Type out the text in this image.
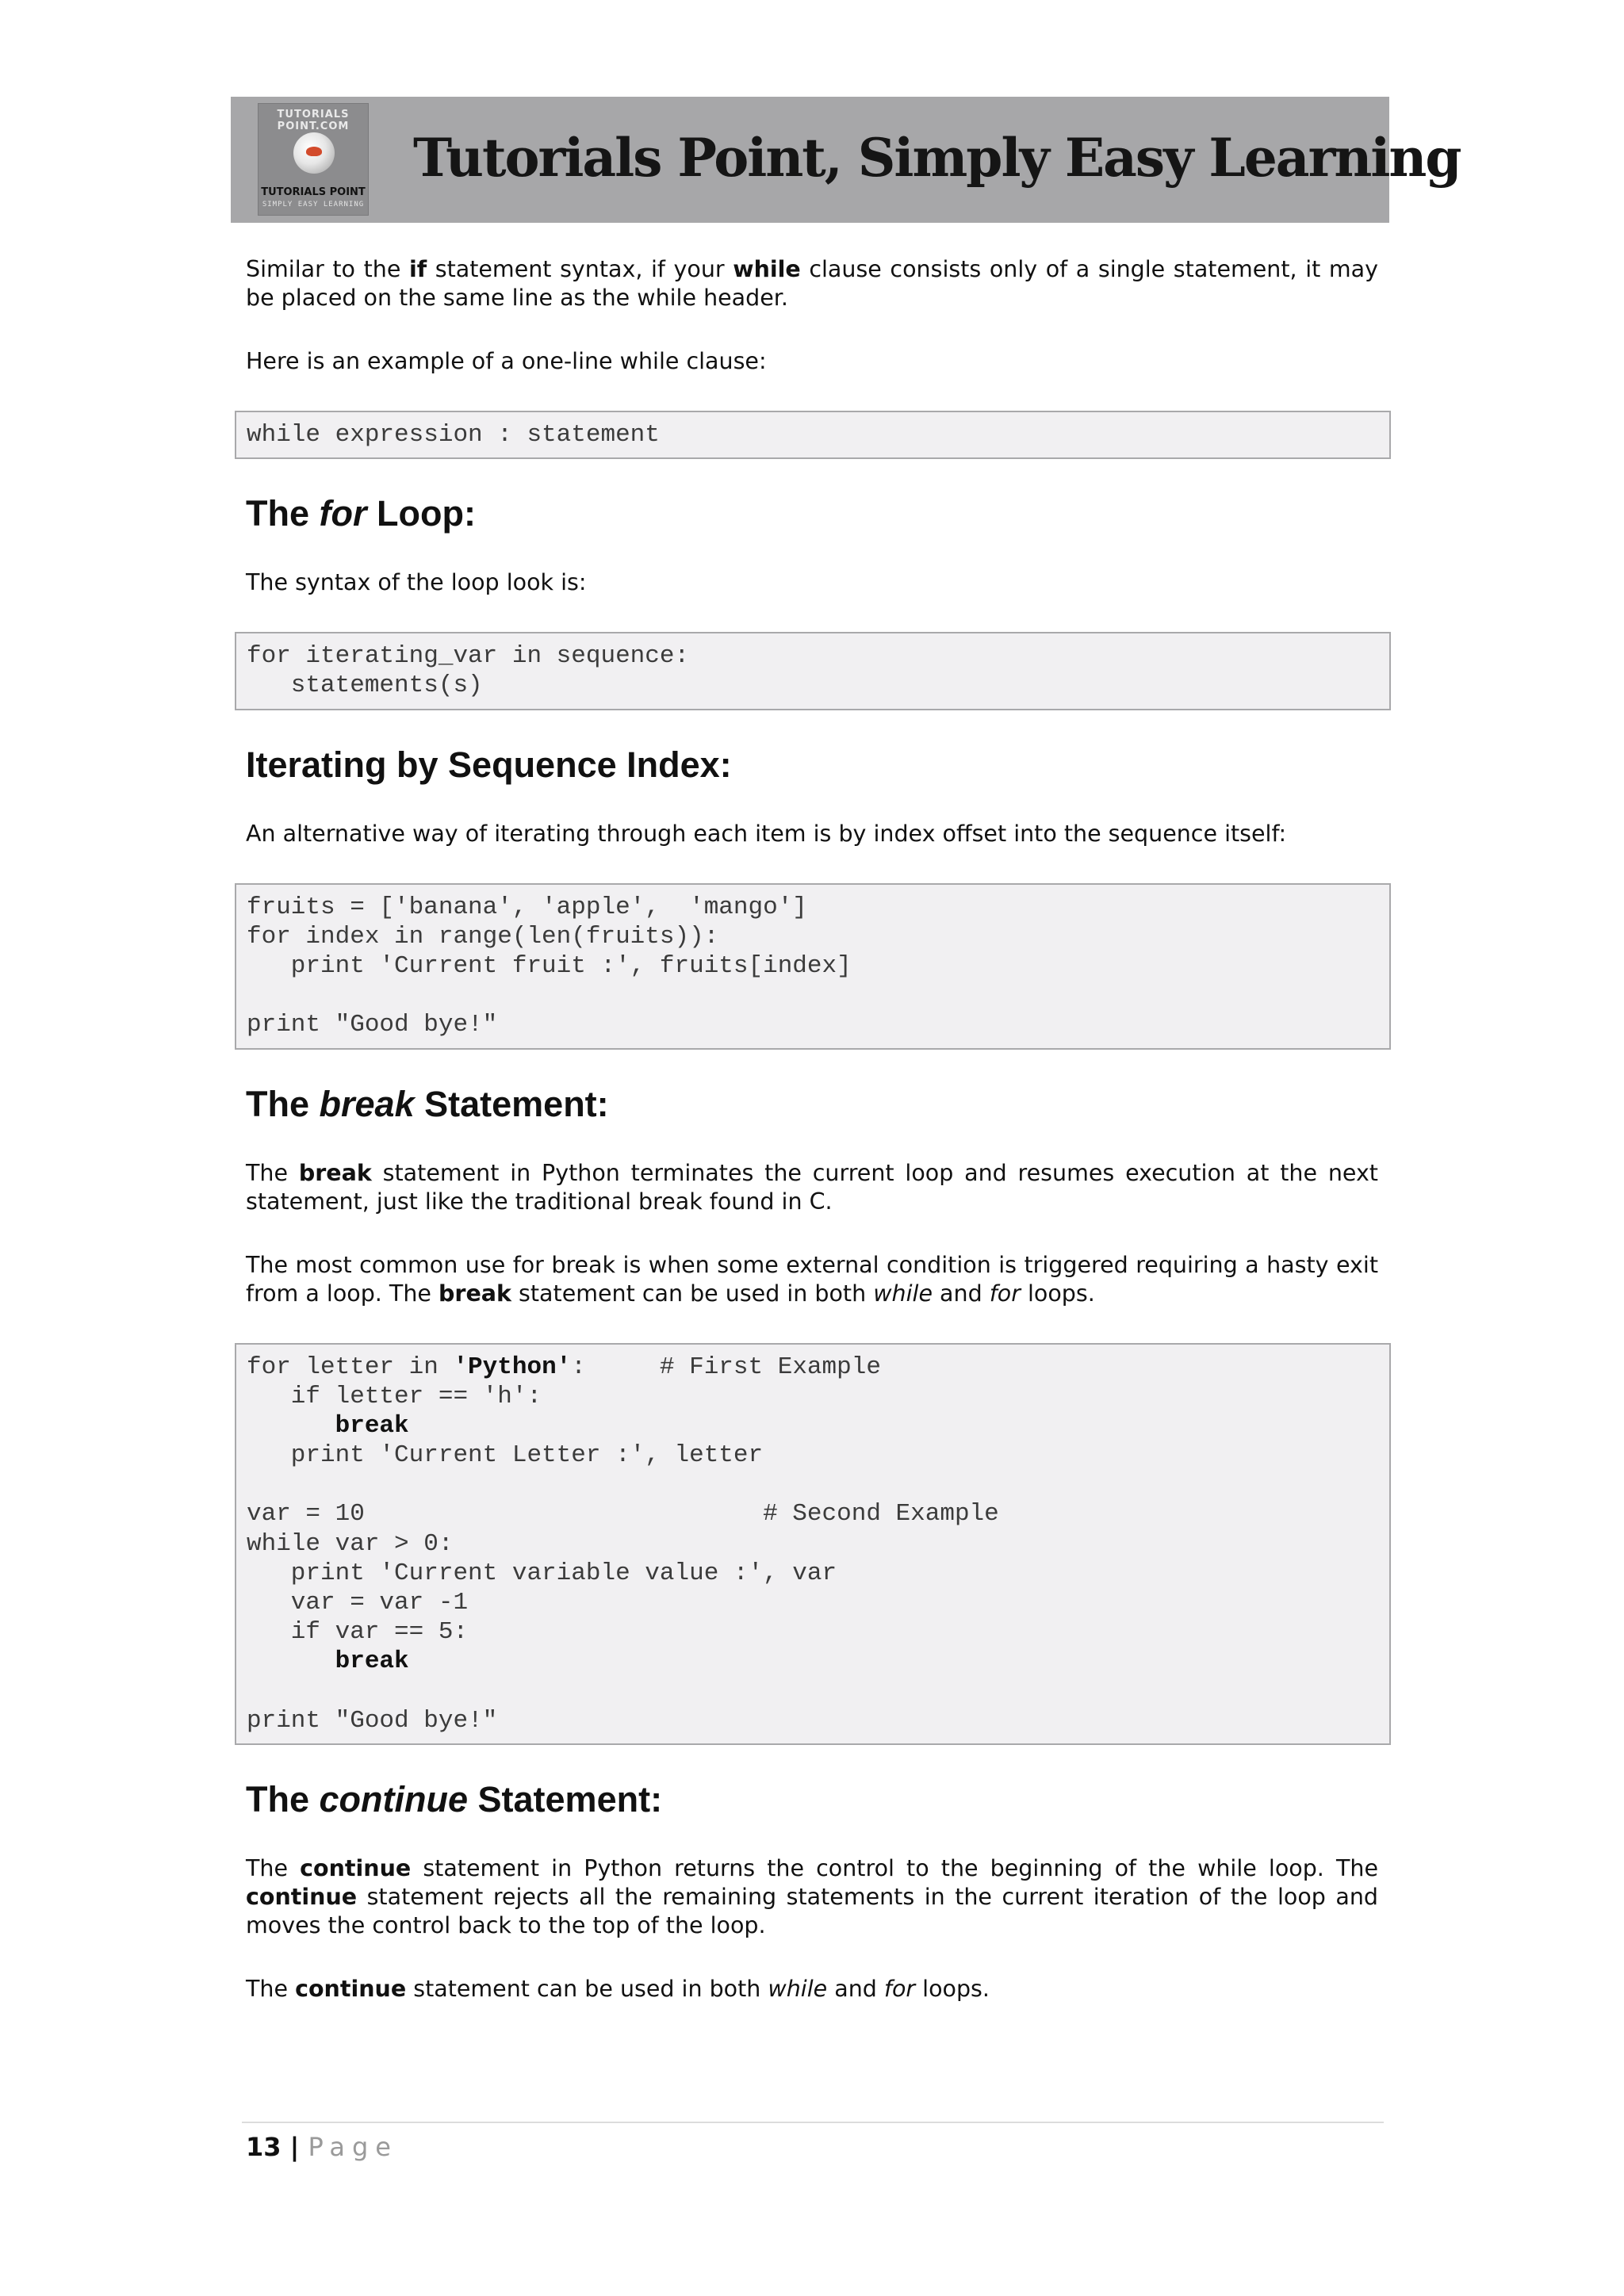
TUTORIALS POINT.COM
TUTORIALS POINT
SIMPLY EASY LEARNING
Tutorials Point, Simply Easy Learning

Similar to the if statement syntax, if your while clause consists only of a single statement, it may be placed on the same line as the while header.

Here is an example of a one-line while clause:

while expression : statement
The for Loop:

The syntax of the loop look is:

for iterating_var in sequence:
statements(s)
Iterating by Sequence Index:

An alternative way of iterating through each item is by index offset into the sequence itself:

fruits = ['banana', 'apple',  'mango']
for index in range(len(fruits)):
print 'Current fruit :', fruits[index]
print "Good bye!"
The break Statement:

The break statement in Python terminates the current loop and resumes execution at the next statement, just like the traditional break found in C.

The most common use for break is when some external condition is triggered requiring a hasty exit from a loop. The break statement can be used in both while and for loops.

for letter in 'Python':     # First Example
if letter == 'h':
break
print 'Current Letter :', letter
var = 10                           # Second Example
while var > 0:
print 'Current variable value :', var
var = var -1
if var == 5:
break
print "Good bye!"
The continue Statement:

The continue statement in Python returns the control to the beginning of the while loop. The continue statement rejects all the remaining statements in the current iteration of the loop and moves the control back to the top of the loop.

The continue statement can be used in both while and for loops.

13 | Page
